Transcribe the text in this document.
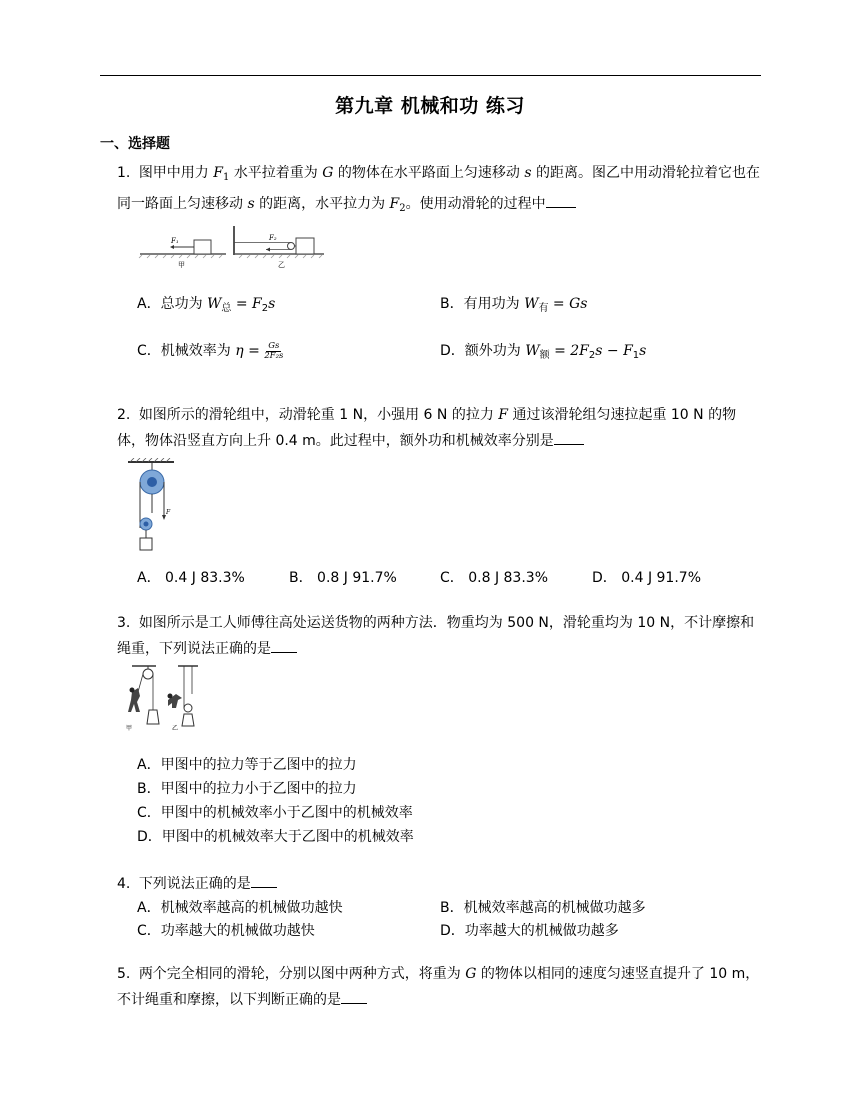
第九章 机械和功 练习
一、选择题
1. 图甲中用力 $F_1$ 水平拉着重为 G 的物体在水平路面上匀速移动 s 的距离。图乙中用动滑轮拉着它也在同一路面上匀速移动 s 的距离，水平拉力为 $F_2$。使用动滑轮的过程中
F₁
甲
F₂
乙
A．总功为 $W_总 = F_2s$	B．有用功为 $W_有 = Gs$
C．机械效率为 $\eta = \frac{Gs}{\text{2F₂s}}$	D．额外功为 $W_额 = 2F_2s - F_1s$
2. 如图所示的滑轮组中，动滑轮重 1 N，小强用 6 N 的拉力 F 通过该滑轮组匀速拉起重 10 N 的物体，物体沿竖直方向上升 0.4 m。此过程中，额外功和机械效率分别是
F
A． 0.4 J 83.3%	B． 0.8 J 91.7%	C． 0.8 J 83.3%	D． 0.4 J 91.7%
3. 如图所示是工人师傅往高处运送货物的两种方法．物重均为 500 N，滑轮重均为 10 N，不计摩擦和绳重，下列说法正确的是
甲	乙
A．甲图中的拉力等于乙图中的拉力
B．甲图中的拉力小于乙图中的拉力
C．甲图中的机械效率小于乙图中的机械效率
D．甲图中的机械效率大于乙图中的机械效率
4. 下列说法正确的是
A．机械效率越高的机械做功越快	B．机械效率越高的机械做功越多
C．功率越大的机械做功越快	D．功率越大的机械做功越多
5. 两个完全相同的滑轮，分别以图中两种方式，将重为 G 的物体以相同的速度匀速竖直提升了 10 m，不计绳重和摩擦，以下判断正确的是
